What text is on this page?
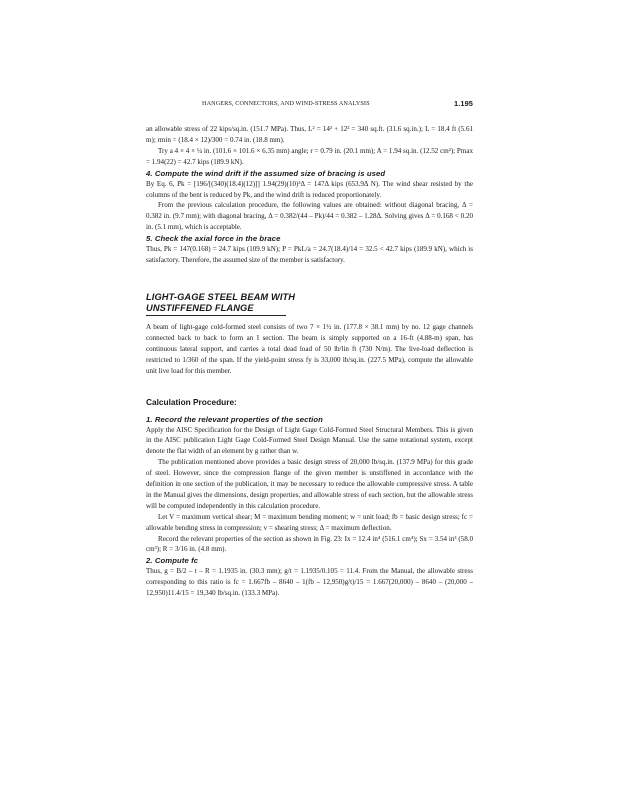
HANGERS, CONNECTORS, AND WIND-STRESS ANALYSIS	1.195

an allowable stress of 22 kips/sq.in. (151.7 MPa). Thus, L² = 14² + 12² = 340 sq.ft. (31.6 sq.in.); L = 18.4 ft (5.61 m); rmin = (18.4 × 12)/300 = 0.74 in. (18.8 mm).

Try a 4 × 4 × ¼ in. (101.6 × 101.6 × 6.35 mm) angle; r = 0.79 in. (20.1 mm); A = 1.94 sq.in. (12.52 cm²); Pmax = 1.94(22) = 42.7 kips (189.9 kN).

4. Compute the wind drift if the assumed size of bracing is used

By Eq. 6, Pk = [196/[(340)(18.4)(12)]] 1.94(29)(10)³Δ = 147Δ kips (653.9Δ N). The wind shear resisted by the columns of the bent is reduced by Pk, and the wind drift is reduced proportionately.

From the previous calculation procedure, the following values are obtained: without diagonal bracing, Δ = 0.382 in. (9.7 mm); with diagonal bracing, Δ = 0.382/(44 – Pk)/44 = 0.382 – 1.28Δ. Solving gives Δ = 0.168 < 0.20 in. (5.1 mm), which is acceptable.

5. Check the axial force in the brace

Thus, Pk = 147(0.168) = 24.7 kips (109.9 kN); P = PkL/a = 24.7(18.4)/14 = 32.5 < 42.7 kips (189.9 kN), which is satisfactory. Therefore, the assumed size of the member is satisfactory.

LIGHT-GAGE STEEL BEAM WITH

UNSTIFFENED FLANGE

A beam of light-gage cold-formed steel consists of two 7 × 1½ in. (177.8 × 38.1 mm) by no. 12 gage channels connected back to back to form an I section. The beam is simply supported on a 16-ft (4.88-m) span, has continuous lateral support, and carries a total dead load of 50 lb/lin ft (730 N/m). The live-load deflection is restricted to 1/360 of the span. If the yield-point stress fy is 33,000 lb/sq.in. (227.5 MPa), compute the allowable unit live load for this member.

Calculation Procedure:

1. Record the relevant properties of the section

Apply the AISC Specification for the Design of Light Gage Cold-Formed Steel Structural Members. This is given in the AISC publication Light Gage Cold-Formed Steel Design Manual. Use the same notational system, except denote the flat width of an element by g rather than w.

The publication mentioned above provides a basic design stress of 20,000 lb/sq.in. (137.9 MPa) for this grade of steel. However, since the compression flange of the given member is unstiffened in accordance with the definition in one section of the publication, it may be necessary to reduce the allowable compressive stress. A table in the Manual gives the dimensions, design properties, and allowable stress of each section, but the allowable stress will be computed independently in this calculation procedure.

Let V = maximum vertical shear; M = maximum bending moment; w = unit load; fb = basic design stress; fc = allowable bending stress in compression; v = shearing stress; Δ = maximum deflection.

Record the relevant properties of the section as shown in Fig. 23: Ix = 12.4 in⁴ (516.1 cm⁴); Sx = 3.54 in³ (58.0 cm³); R = 3/16 in. (4.8 mm).

2. Compute fc

Thus, g = B/2 – t – R = 1.1935 in. (30.3 mm); g/t = 1.1935/0.105 = 11.4. From the Manual, the allowable stress corresponding to this ratio is fc = 1.667fb – 8640 – 1(fb – 12,950)g/t)/15 = 1.667(20,000) – 8640 – (20,000 – 12,950)11.4/15 = 19,340 lb/sq.in. (133.3 MPa).
